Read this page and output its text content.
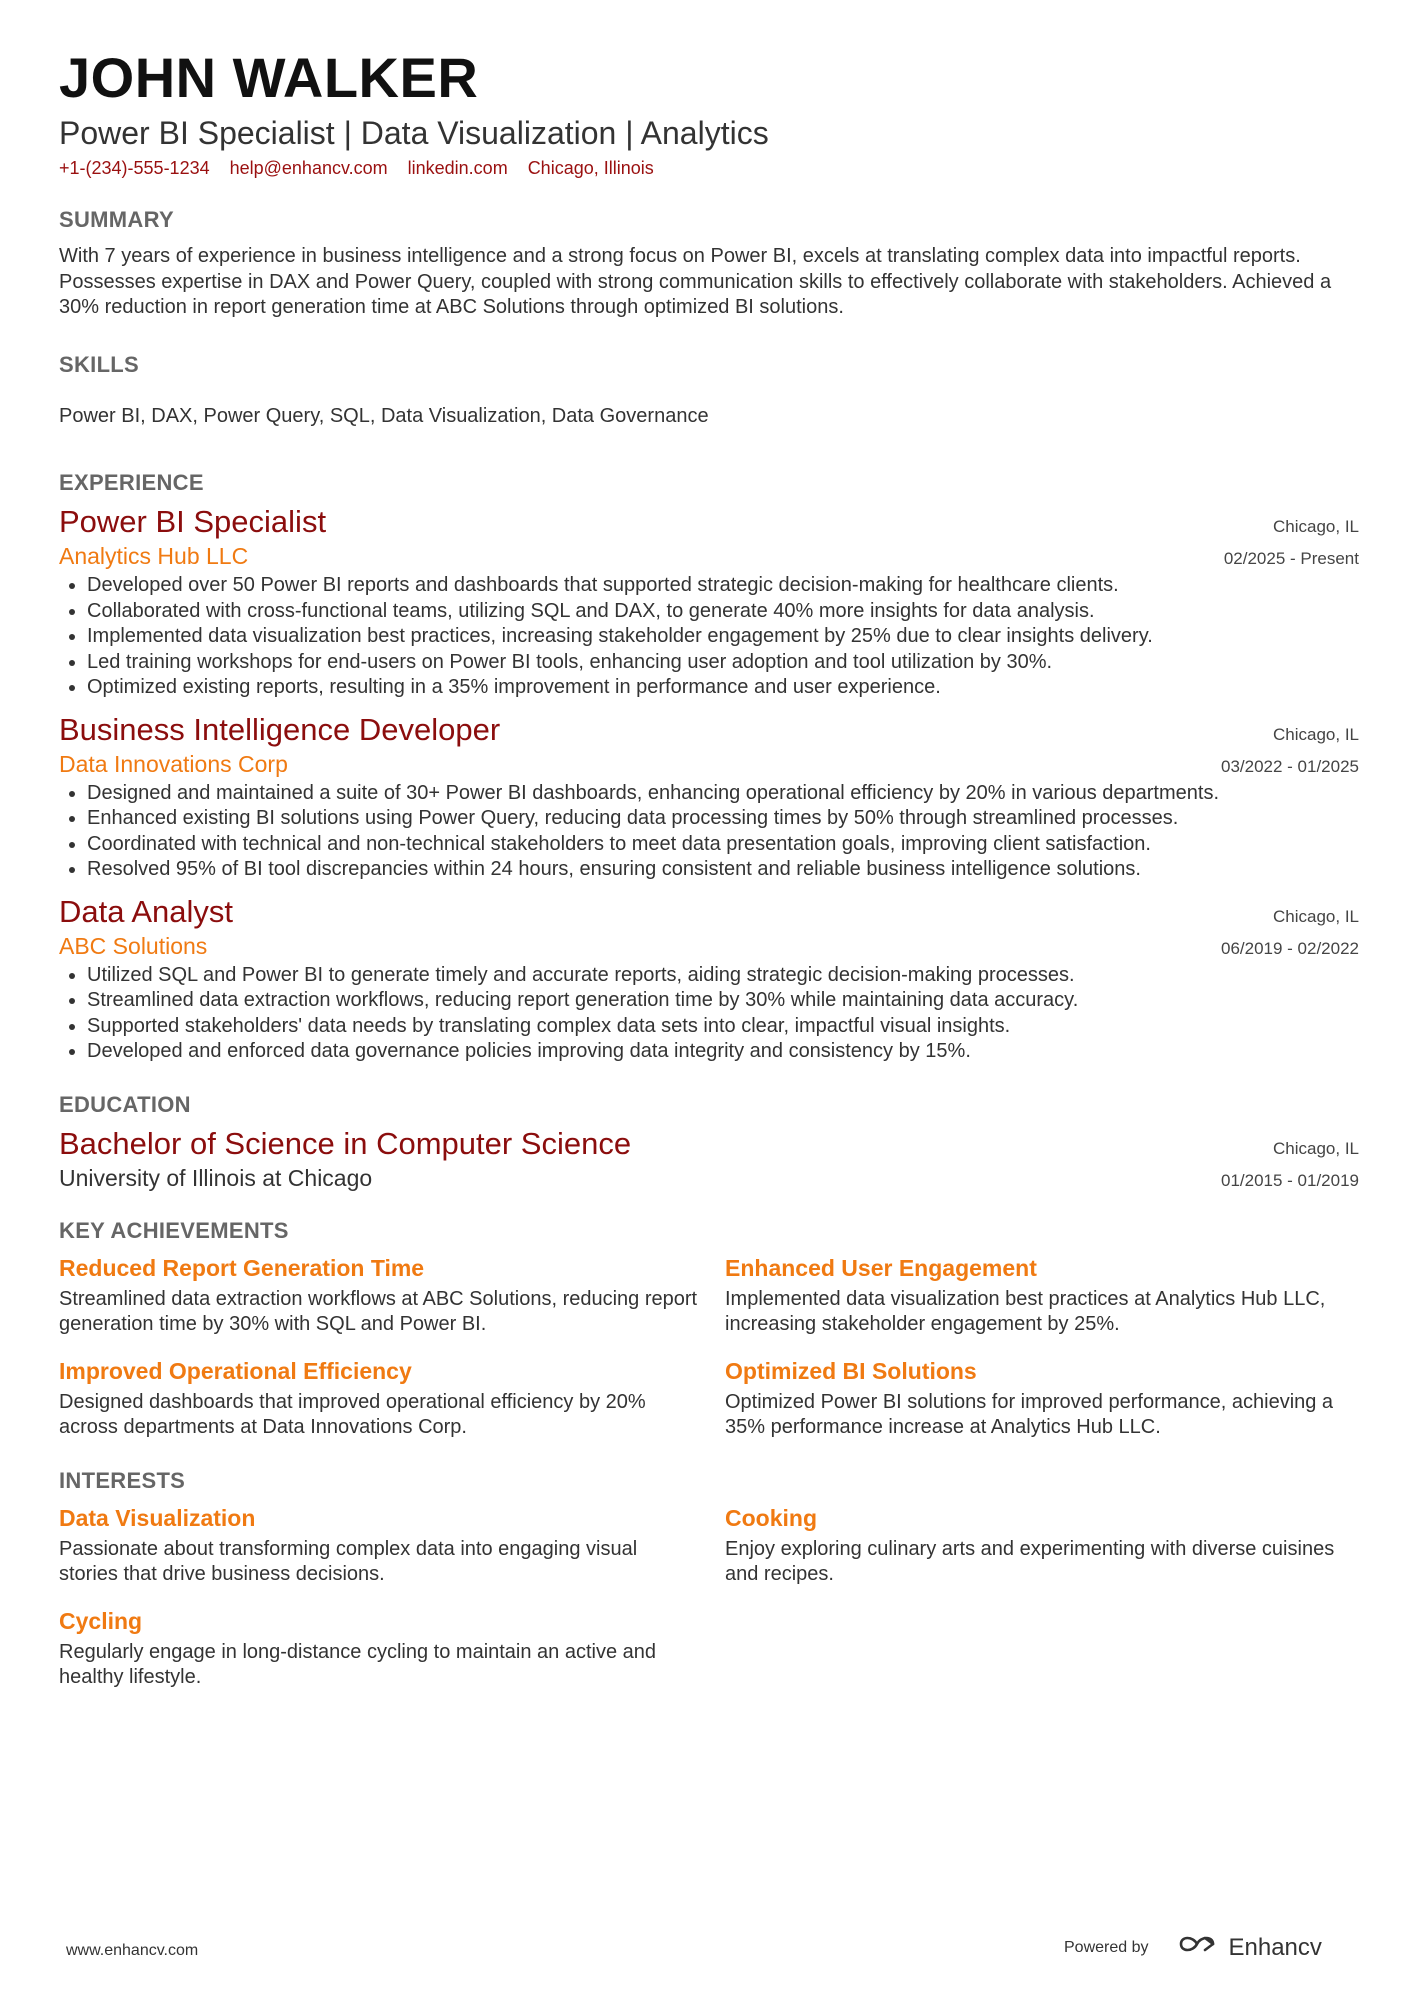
JOHN WALKER
Power BI Specialist | Data Visualization | Analytics
+1-(234)-555-1234 help@enhancv.com linkedin.com Chicago, Illinois
SUMMARY
With 7 years of experience in business intelligence and a strong focus on Power BI, excels at translating complex data into impactful reports. Possesses expertise in DAX and Power Query, coupled with strong communication skills to effectively collaborate with stakeholders. Achieved a 30% reduction in report generation time at ABC Solutions through optimized BI solutions.
SKILLS
Power BI, DAX, Power Query, SQL, Data Visualization, Data Governance
EXPERIENCE
Power BI Specialist	Chicago, IL
Analytics Hub LLC	02/2025 - Present
• Developed over 50 Power BI reports and dashboards that supported strategic decision-making for healthcare clients.
• Collaborated with cross-functional teams, utilizing SQL and DAX, to generate 40% more insights for data analysis.
• Implemented data visualization best practices, increasing stakeholder engagement by 25% due to clear insights delivery.
• Led training workshops for end-users on Power BI tools, enhancing user adoption and tool utilization by 30%.
• Optimized existing reports, resulting in a 35% improvement in performance and user experience.
Business Intelligence Developer	Chicago, IL
Data Innovations Corp	03/2022 - 01/2025
• Designed and maintained a suite of 30+ Power BI dashboards, enhancing operational efficiency by 20% in various departments.
• Enhanced existing BI solutions using Power Query, reducing data processing times by 50% through streamlined processes.
• Coordinated with technical and non-technical stakeholders to meet data presentation goals, improving client satisfaction.
• Resolved 95% of BI tool discrepancies within 24 hours, ensuring consistent and reliable business intelligence solutions.
Data Analyst	Chicago, IL
ABC Solutions	06/2019 - 02/2022
• Utilized SQL and Power BI to generate timely and accurate reports, aiding strategic decision-making processes.
• Streamlined data extraction workflows, reducing report generation time by 30% while maintaining data accuracy.
• Supported stakeholders' data needs by translating complex data sets into clear, impactful visual insights.
• Developed and enforced data governance policies improving data integrity and consistency by 15%.
EDUCATION
Bachelor of Science in Computer Science	Chicago, IL
University of Illinois at Chicago	01/2015 - 01/2019
KEY ACHIEVEMENTS
Reduced Report Generation Time
Streamlined data extraction workflows at ABC Solutions, reducing report generation time by 30% with SQL and Power BI.
Enhanced User Engagement
Implemented data visualization best practices at Analytics Hub LLC, increasing stakeholder engagement by 25%.
Improved Operational Efficiency
Designed dashboards that improved operational efficiency by 20% across departments at Data Innovations Corp.
Optimized BI Solutions
Optimized Power BI solutions for improved performance, achieving a 35% performance increase at Analytics Hub LLC.
INTERESTS
Data Visualization
Passionate about transforming complex data into engaging visual stories that drive business decisions.
Cooking
Enjoy exploring culinary arts and experimenting with diverse cuisines and recipes.
Cycling
Regularly engage in long-distance cycling to maintain an active and healthy lifestyle.
www.enhancv.com	Powered by	Enhancv
